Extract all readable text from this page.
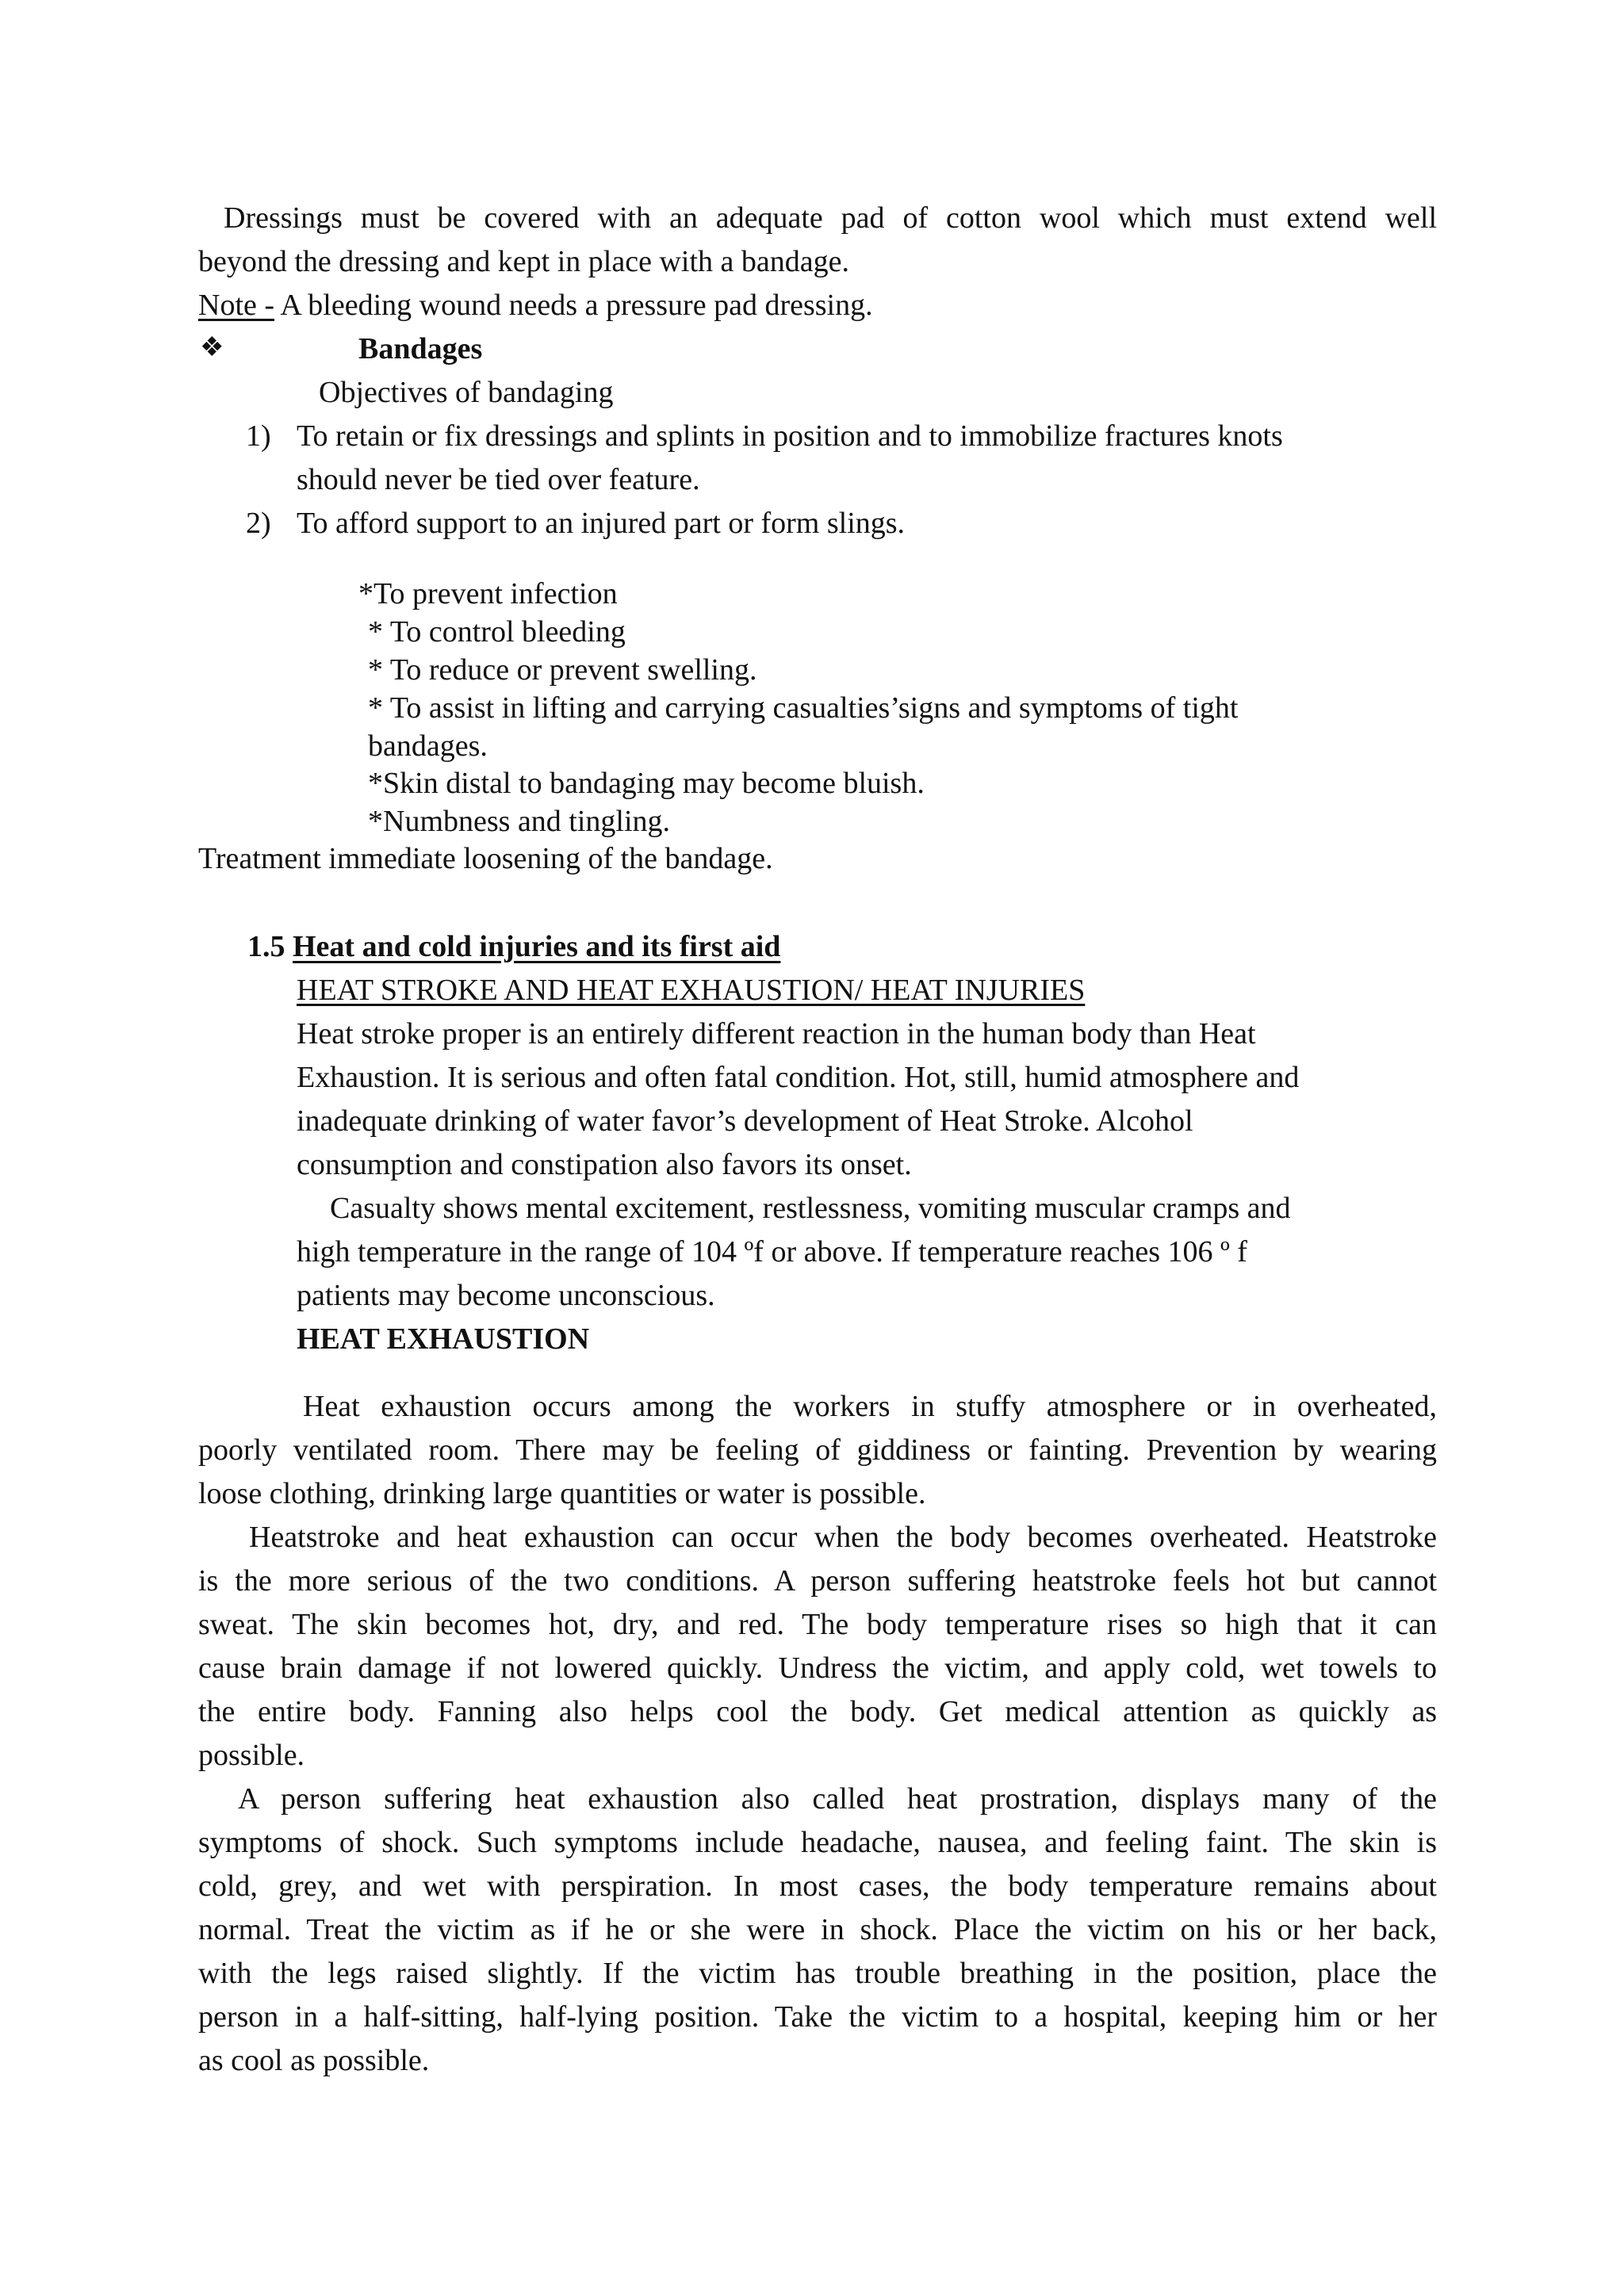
Dressings must be covered with an adequate pad of cotton wool which must extend well
beyond the dressing and kept in place with a bandage.
Note - A bleeding wound needs a pressure pad dressing.
❖	Bandages
Objectives of bandaging
1) To retain or fix dressings and splints in position and to immobilize fractures knots
should never be tied over feature.
2) To afford support to an injured part or form slings.
*To prevent infection
* To control bleeding
* To reduce or prevent swelling.
* To assist in lifting and carrying casualties’signs and symptoms of tight
bandages.
*Skin distal to bandaging may become bluish.
*Numbness and tingling.
Treatment immediate loosening of the bandage.
1.5 Heat and cold injuries and its first aid
HEAT STROKE AND HEAT EXHAUSTION/ HEAT INJURIES
Heat stroke proper is an entirely different reaction in the human body than Heat
Exhaustion. It is serious and often fatal condition. Hot, still, humid atmosphere and
inadequate drinking of water favor’s development of Heat Stroke. Alcohol
consumption and constipation also favors its onset.
Casualty shows mental excitement, restlessness, vomiting muscular cramps and
high temperature in the range of 104 ºf or above. If temperature reaches 106 º f
patients may become unconscious.
HEAT EXHAUSTION
Heat exhaustion occurs among the workers in stuffy atmosphere or in overheated,
poorly ventilated room. There may be feeling of giddiness or fainting. Prevention by wearing
loose clothing, drinking large quantities or water is possible.
Heatstroke and heat exhaustion can occur when the body becomes overheated. Heatstroke
is the more serious of the two conditions. A person suffering heatstroke feels hot but cannot
sweat. The skin becomes hot, dry, and red. The body temperature rises so high that it can
cause brain damage if not lowered quickly. Undress the victim, and apply cold, wet towels to
the entire body. Fanning also helps cool the body. Get medical attention as quickly as
possible.
A person suffering heat exhaustion also called heat prostration, displays many of the
symptoms of shock. Such symptoms include headache, nausea, and feeling faint. The skin is
cold, grey, and wet with perspiration. In most cases, the body temperature remains about
normal. Treat the victim as if he or she were in shock. Place the victim on his or her back,
with the legs raised slightly. If the victim has trouble breathing in the position, place the
person in a half-sitting, half-lying position. Take the victim to a hospital, keeping him or her
as cool as possible.
